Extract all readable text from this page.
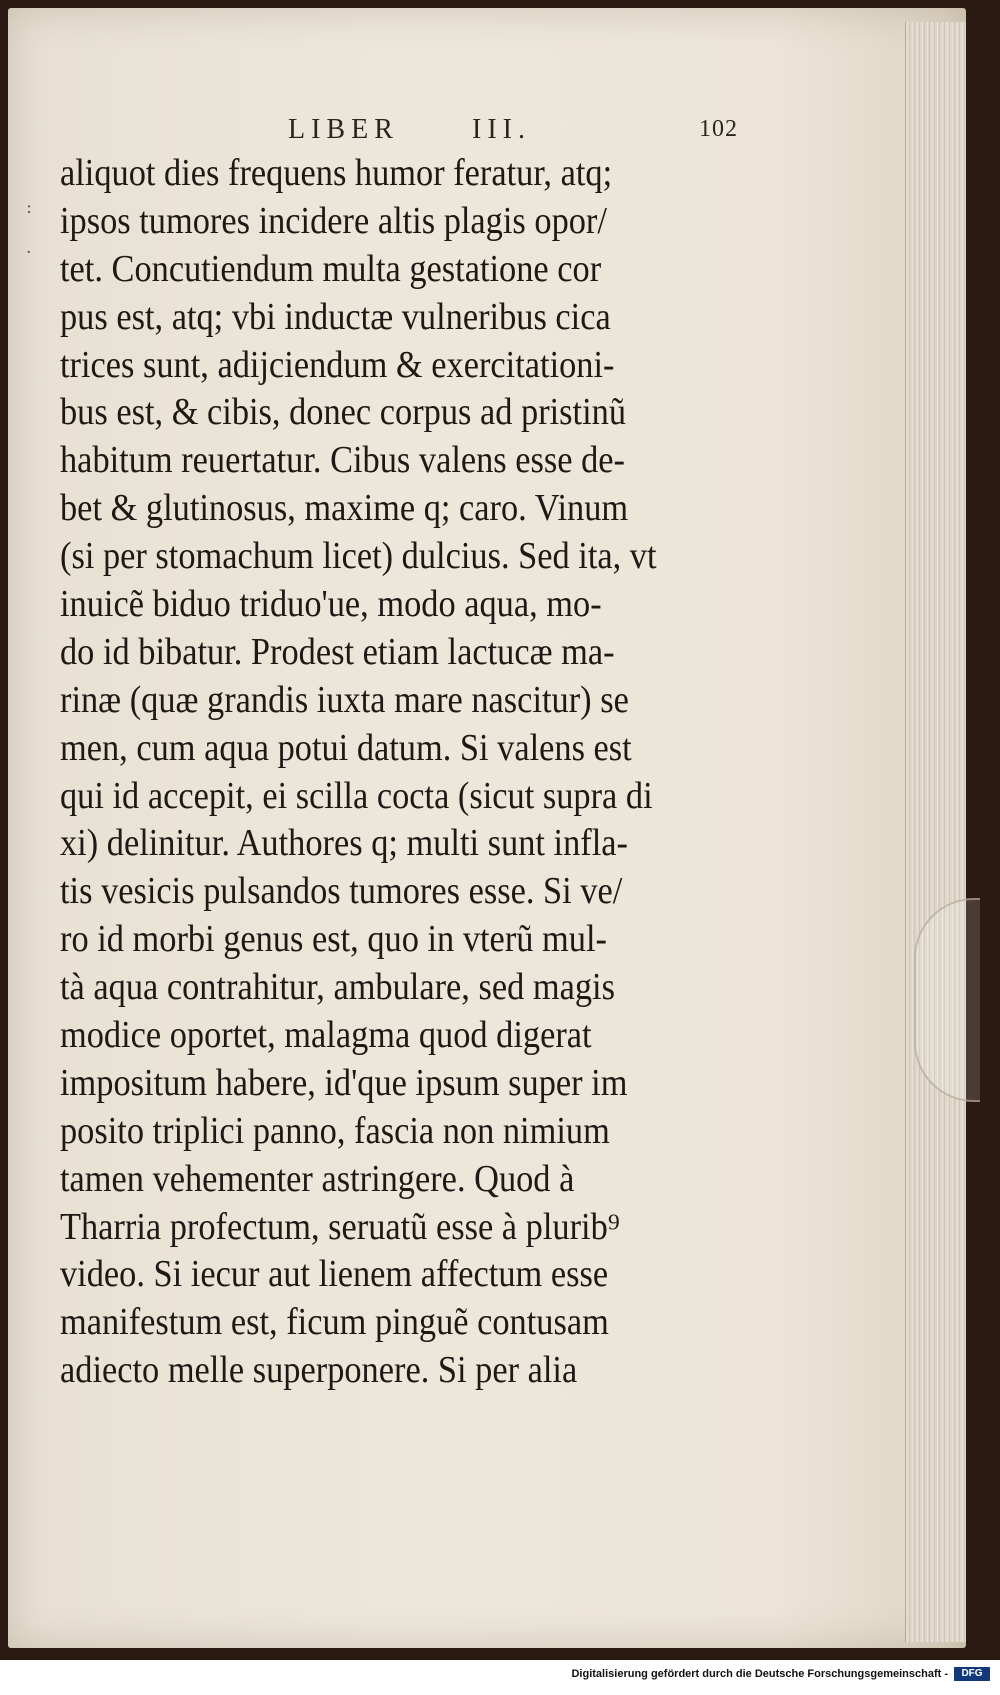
LIBER	III.	102
:
·
aliquot dies frequens humor feratur, atq;
ipsos tumores incidere altis plagis opor/
tet. Concutiendum multa gestatione cor
pus est, atq; vbi inductæ vulneribus cica
trices sunt, adijciendum & exercitationi-
bus est, & cibis, donec corpus ad pristinũ
habitum reuertatur. Cibus valens esse de-
bet & glutinosus, maxime q; caro. Vinum
(si per stomachum licet) dulcius. Sed ita, vt
inuicẽ biduo triduo'ue, modo aqua, mo-
do id bibatur. Prodest etiam lactucæ ma-
rinæ (quæ grandis iuxta mare nascitur) se
men, cum aqua potui datum. Si valens est
qui id accepit, ei scilla cocta (sicut supra di
xi) delinitur. Authores q; multi sunt infla-
tis vesicis pulsandos tumores esse. Si ve/
ro id morbi genus est, quo in vterũ mul-
tà aqua contrahitur, ambulare, sed magis
modice oportet, malagma quod digerat
impositum habere, id'que ipsum super im
posito triplici panno, fascia non nimium
tamen vehementer astringere. Quod à
Tharria profectum, seruatũ esse à plurib⁹
video. Si iecur aut lienem affectum esse
manifestum est, ficum pinguẽ contusam
adiecto melle superponere. Si per alia
Digitalisierung gefördert durch die Deutsche Forschungsgemeinschaft -	DFG
